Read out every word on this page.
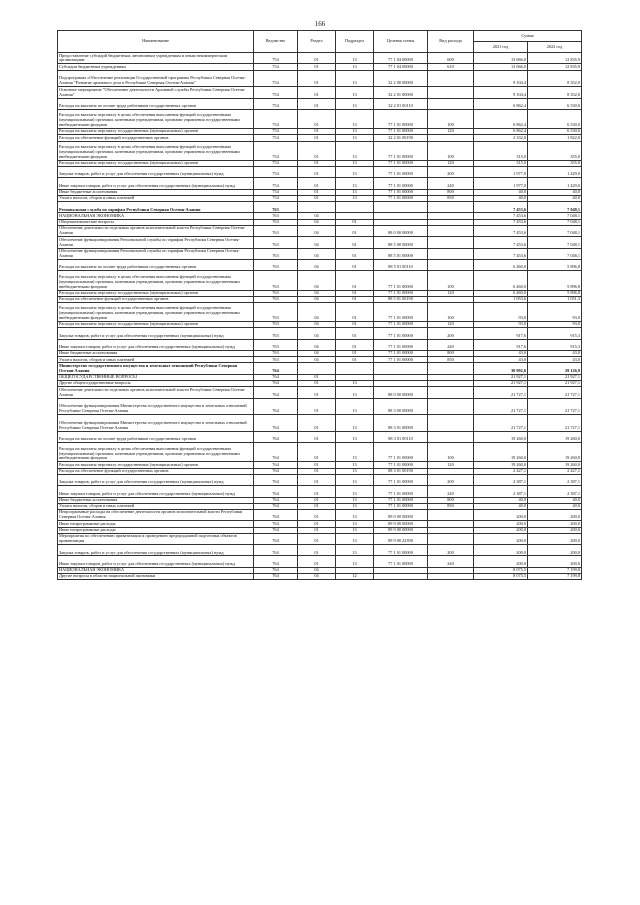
166
Наименование	Ведомство	Раздел	Подраздел	Целевая статья	Вид расхода	Сумма	
						2021 год	2022 год
Предоставление субсидий бюджетным, автономным учреждениям и иным некоммерческим организациям	754	01	13	77 1 04 00000	600	13 666,0	12 835,9
Субсидии бюджетным учреждениям	754	01	13	77 1 04 00000	610	13 666,0	12 835,9
Подпрограмма «Обеспечение реализации Государственной программы Республики Северная Осетия-Алания "Развитие архивного дела в Республике Северная Осетия-Алания"	754	01	13	32 2 00 00000		9 104,4	8 352,0
Основное мероприятие "Обеспечение деятельности Архивной службы Республики Северная Осетия-Алания"	754	01	13	32 2 01 00000		9 104,4	8 352,0
Расходы на выплаты по оплате труда работников государственных органов	754	01	13	32 2 01 00110		6 862,4	6 530,0
Расходы на выплаты персоналу в целях обеспечения выполнения функций государственными (муниципальными) органами, казенными учреждениями, органами управления государственными внебюджетными фондами	754	01	13	77 1 01 00000	100	6 862,4	6 530,0
Расходы на выплаты персоналу государственных (муниципальных) органов	754	01	13	77 1 01 00000	120	6 862,4	6 530,0
Расходы на обеспечение функций государственных органов	754	01	13	32 2 01 00190		2 332,0	1 822,0
Расходы на выплаты персоналу в целях обеспечения выполнения функций государственными (муниципальными) органами, казенными учреждениями, органами управления государственными внебюджетными фондами	754	01	13	77 1 01 00000	100	315,0	355,0
Расходы на выплаты персоналу государственных (муниципальных) органов	754	01	13	77 1 01 00000	120	315,0	355,0
Закупка товаров, работ и услуг для обеспечения государственных (муниципальных) нужд	754	01	13	77 1 01 00000	200	1 977,0	1 429,0
Иные закупки товаров, работ и услуг для обеспечения государственных (муниципальных) нужд	754	01	13	77 1 01 00000	240	1 977,0	1 429,0
Иные бюджетные ассигнования	754	01	13	77 1 01 00000	800	40,0	40,0
Уплата налогов, сборов и иных платежей	754	01	13	77 1 01 00000	850	40,0	40,0
Региональная служба по тарифам Республики Северная Осетия-Алания	763					7 453,6	7 048,1
НАЦИОНАЛЬНАЯ ЭКОНОМИКА	763	04				7 453,6	7 048,1
Общеэкономические вопросы	763	04	01			7 453,6	7 048,1
Обеспечение деятельности отдельных органов исполнительной власти Республики Северная Осетия-Алания	763	04	01	88 0 00 00000		7 453,6	7 048,1
Обеспечение функционирования Региональной службы по тарифам Республики Северная Осетия-Алания	763	04	01	88 5 00 00000		7 453,6	7 048,1
Обеспечение функционирования Региональной службы по тарифам Республики Северная Осетия-Алания	763	04	01	88 5 01 00000		7 453,6	7 048,1
Расходы на выплаты по оплате труда работников государственных органов	763	04	01	88 5 01 00110		6 460,0	5 896,8
Расходы на выплаты персоналу в целях обеспечения выполнения функций государственными (муниципальными) органами, казенными учреждениями, органами управления государственными внебюджетными фондами	763	04	01	77 1 01 00000	100	6 460,0	5 896,8
Расходы на выплаты персоналу государственных (муниципальных) органов	763	04	01	77 1 01 00000	120	6 460,0	5 896,8
Расходы на обеспечение функций государственных органов	763	04	01	88 5 01 00190		1 053,6	1 051,3
Расходы на выплаты персоналу в целях обеспечения выполнения функций государственными (муниципальными) органами, казенными учреждениями, органами управления государственными внебюджетными фондами	763	04	01	77 1 01 00000	100	93,0	93,0
Расходы на выплаты персоналу государственных (муниципальных) органов	763	04	01	77 1 01 00000	120	93,0	93,0
Закупка товаров, работ и услуг для обеспечения государственных (муниципальных) нужд	763	04	01	77 1 01 00000	200	917,6	915,3
Иные закупки товаров, работ и услуг для обеспечения государственных (муниципальных) нужд	763	04	01	77 1 01 00000	240	917,6	915,3
Иные бюджетные ассигнования	763	04	01	77 1 01 00000	800	43,0	43,0
Уплата налогов, сборов и иных платежей	763	04	01	77 1 01 00000	850	43,0	43,0
Министерство государственного имущества и земельных отношений Республики Северная Осетия-Алания	764					30 092,6	29 126,9
ОБЩЕГОСУДАРСТВЕННЫЕ ВОПРОСЫ	764	01				21 927,1	21 927,1
Другие общегосударственные вопросы	764	01	13			21 927,1	21 927,1
Обеспечение деятельности отдельных органов исполнительной власти Республики Северная Осетия-Алания	764	01	13	88 0 00 00000		21 727,1	21 727,1
Обеспечение функционирования Министерства государственного имущества и земельных отношений Республики Северная Осетия-Алания	764	01	13	88 3 00 00000		21 727,1	21 727,1
Обеспечение функционирования Министерства государственного имущества и земельных отношений Республики Северная Осетия-Алания	764	01	13	88 3 01 00000		21 727,1	21 727,1
Расходы на выплаты по оплате труда работников государственных органов	764	01	13	88 3 01 00110		19 260,0	19 260,0
Расходы на выплаты персоналу в целях обеспечения выполнения функций государственными (муниципальными) органами, казенными учреждениями, органами управления государственными внебюджетными фондами	764	01	13	77 1 01 00000	100	19 260,0	19 260,0
Расходы на выплаты персоналу государственных (муниципальных) органов	764	01	13	77 1 01 00000	120	19 260,0	19 260,0
Расходы на обеспечение функций государственных органов	764	01	13	88 3 01 00190		2 427,1	2 427,1
Закупка товаров, работ и услуг для обеспечения государственных (муниципальных) нужд	764	01	13	77 1 01 00000	200	2 387,1	2 387,1
Иные закупки товаров, работ и услуг для обеспечения государственных (муниципальных) нужд	764	01	13	77 1 01 00000	240	2 387,1	2 387,1
Иные бюджетные ассигнования	764	01	13	77 1 01 00000	800	40,0	40,0
Уплата налогов, сборов и иных платежей	764	01	13	77 1 01 00000	850	40,0	40,0
Непрограммные расходы на обеспечение деятельности органов исполнительной власти Республики Северная Осетия-Алания	764	01	13	89 0 00 00000		200,0	200,0
Иные непрограммные расходы	764	01	13	89 9 00 00000		200,0	200,0
Иные непрограммные расходы	764	01	13	89 9 00 00000		200,0	200,0
Мероприятия по обеспечению приватизации и проведению предпродажной подготовки объектов приватизации	764	01	13	89 9 00 22390		200,0	200,0
Закупка товаров, работ и услуг для обеспечения государственных (муниципальных) нужд	764	01	13	77 1 01 00000	200	200,0	200,0
Иные закупки товаров, работ и услуг для обеспечения государственных (муниципальных) нужд	764	01	13	77 1 01 00000	240	200,0	200,0
НАЦИОНАЛЬНАЯ ЭКОНОМИКА	764	04				8 075,5	7 199,8
Другие вопросы в области национальной экономики	764	04	12			8 075,5	7 199,8
